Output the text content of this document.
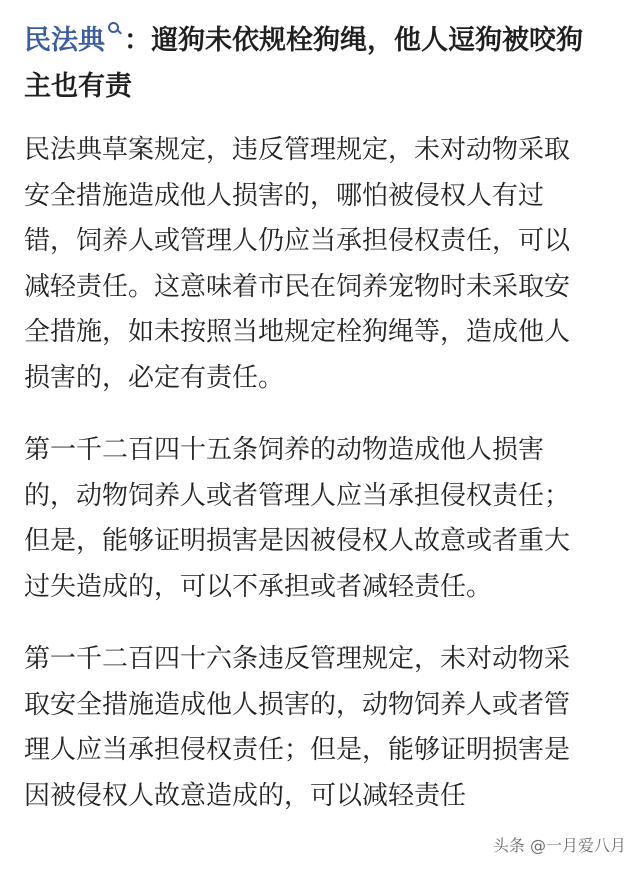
民法典 ：遛狗未依规栓狗绳，他人逗狗被咬狗
主也有责

民法典草案规定，违反管理规定，未对动物采取
安全措施造成他人损害的，哪怕被侵权人有过
错，饲养人或管理人仍应当承担侵权责任，可以
减轻责任。这意味着市民在饲养宠物时未采取安
全措施，如未按照当地规定栓狗绳等，造成他人
损害的，必定有责任。

第一千二百四十五条饲养的动物造成他人损害
的，动物饲养人或者管理人应当承担侵权责任；
但是，能够证明损害是因被侵权人故意或者重大
过失造成的，可以不承担或者减轻责任。

第一千二百四十六条违反管理规定，未对动物采
取安全措施造成他人损害的，动物饲养人或者管
理人应当承担侵权责任；但是，能够证明损害是
因被侵权人故意造成的，可以减轻责任

头条 @一月爱八月
